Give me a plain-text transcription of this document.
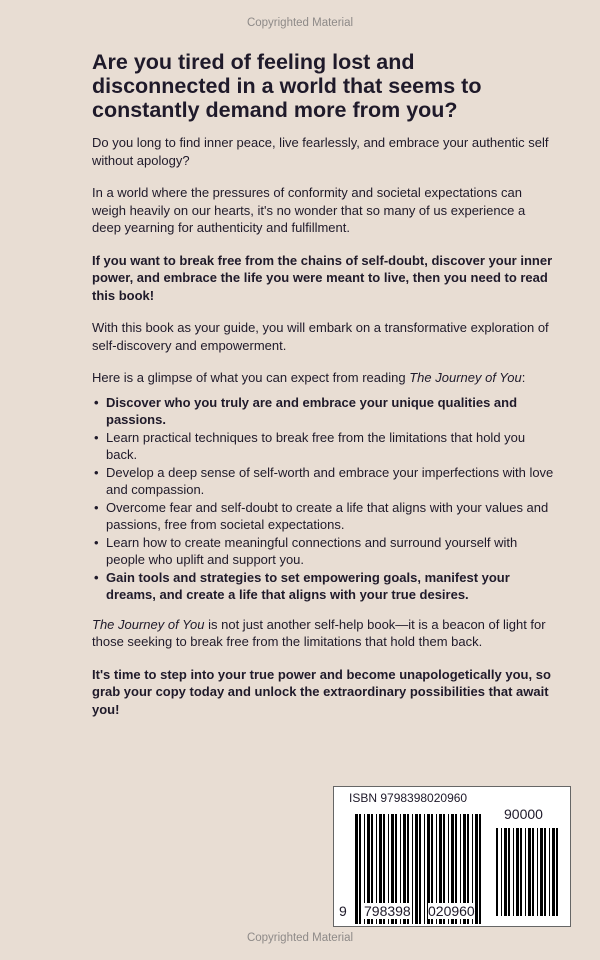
Copyrighted Material
Are you tired of feeling lost and disconnected in a world that seems to constantly demand more from you?
Do you long to find inner peace, live fearlessly, and embrace your authentic self without apology?
In a world where the pressures of conformity and societal expectations can weigh heavily on our hearts, it's no wonder that so many of us experience a deep yearning for authenticity and fulfillment.
If you want to break free from the chains of self-doubt, discover your inner power, and embrace the life you were meant to live, then you need to read this book!
With this book as your guide, you will embark on a transformative exploration of self-discovery and empowerment.
Here is a glimpse of what you can expect from reading The Journey of You:
• Discover who you truly are and embrace your unique qualities and passions.
• Learn practical techniques to break free from the limitations that hold you back.
• Develop a deep sense of self-worth and embrace your imperfections with love and compassion.
• Overcome fear and self-doubt to create a life that aligns with your values and passions, free from societal expectations.
• Learn how to create meaningful connections and surround yourself with people who uplift and support you.
• Gain tools and strategies to set empowering goals, manifest your dreams, and create a life that aligns with your true desires.
The Journey of You is not just another self-help book—it is a beacon of light for those seeking to break free from the limitations that hold them back.
It's time to step into your true power and become unapologetically you, so grab your copy today and unlock the extraordinary possibilities that await you!
Copyrighted Material
ISBN 9798398020960
90000
9 798398 020960
